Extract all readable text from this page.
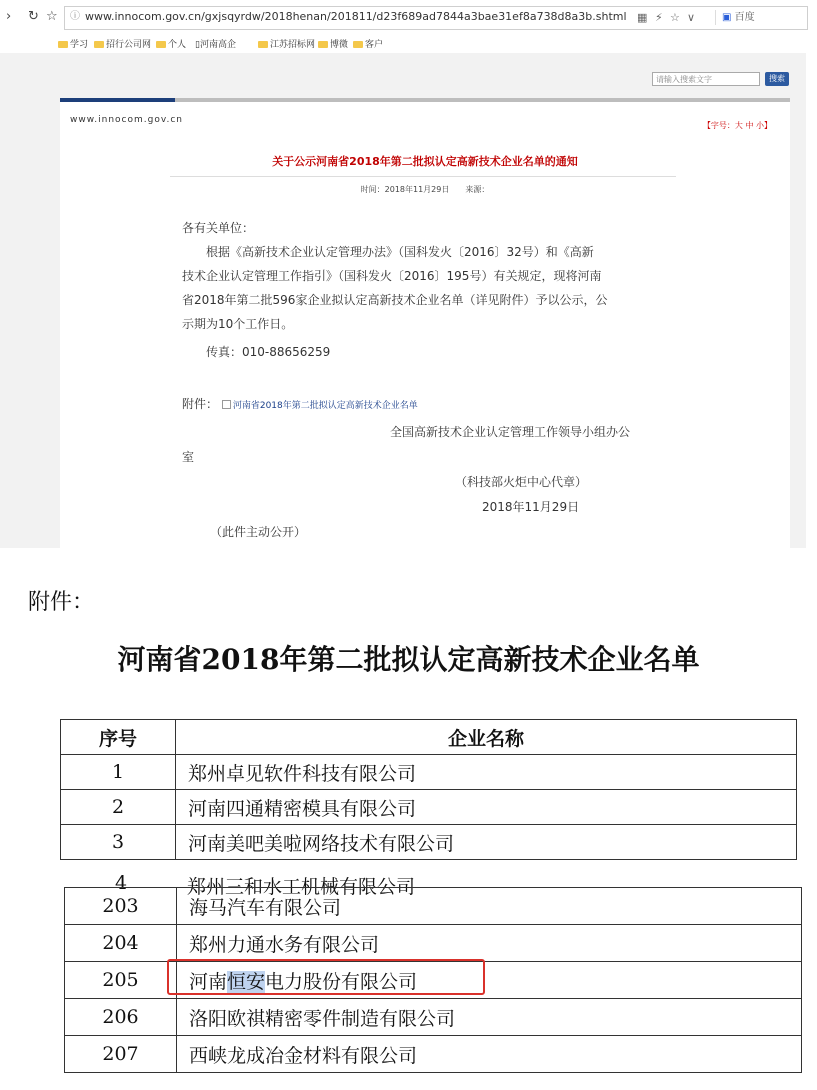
› ↻ ☆ ⓘ www.innocom.gov.cn/gxjsqyrdw/2018henan/201811/d23f689ad7844a3bae31ef8a738d8a3b.shtml ▦ ⚡ ☆ ∨	▣ 百度
学习	招行公司网	个人 ▯河南高企	江苏招标网	博微	客户
请输入搜索文字	搜索
www.innocom.gov.cn
【字号：大 中 小】
关于公示河南省2018年第二批拟认定高新技术企业名单的通知
时间：2018年11月29日　　来源：
各有关单位：
　　根据《高新技术企业认定管理办法》（国科发火〔2016〕32号）和《高新
技术企业认定管理工作指引》（国科发火〔2016〕195号）有关规定，现将河南
省2018年第二批596家企业拟认定高新技术企业名单（详见附件）予以公示，公
示期为10个工作日。
　　传真：010-88656259
附件： 河南省2018年第二批拟认定高新技术企业名单
全国高新技术企业认定管理工作领导小组办公
室
（科技部火炬中心代章）
2018年11月29日
（此件主动公开）
附件：
河南省2018年第二批拟认定高新技术企业名单
序号	企业名称
1	郑州卓见软件科技有限公司
2	河南四通精密模具有限公司
3	河南美吧美啦网络技术有限公司
4	郑州三和水工机械有限公司
203	海马汽车有限公司
204	郑州力通水务有限公司
205	河南恒安电力股份有限公司
206	洛阳欧祺精密零件制造有限公司
207	西峡龙成冶金材料有限公司
